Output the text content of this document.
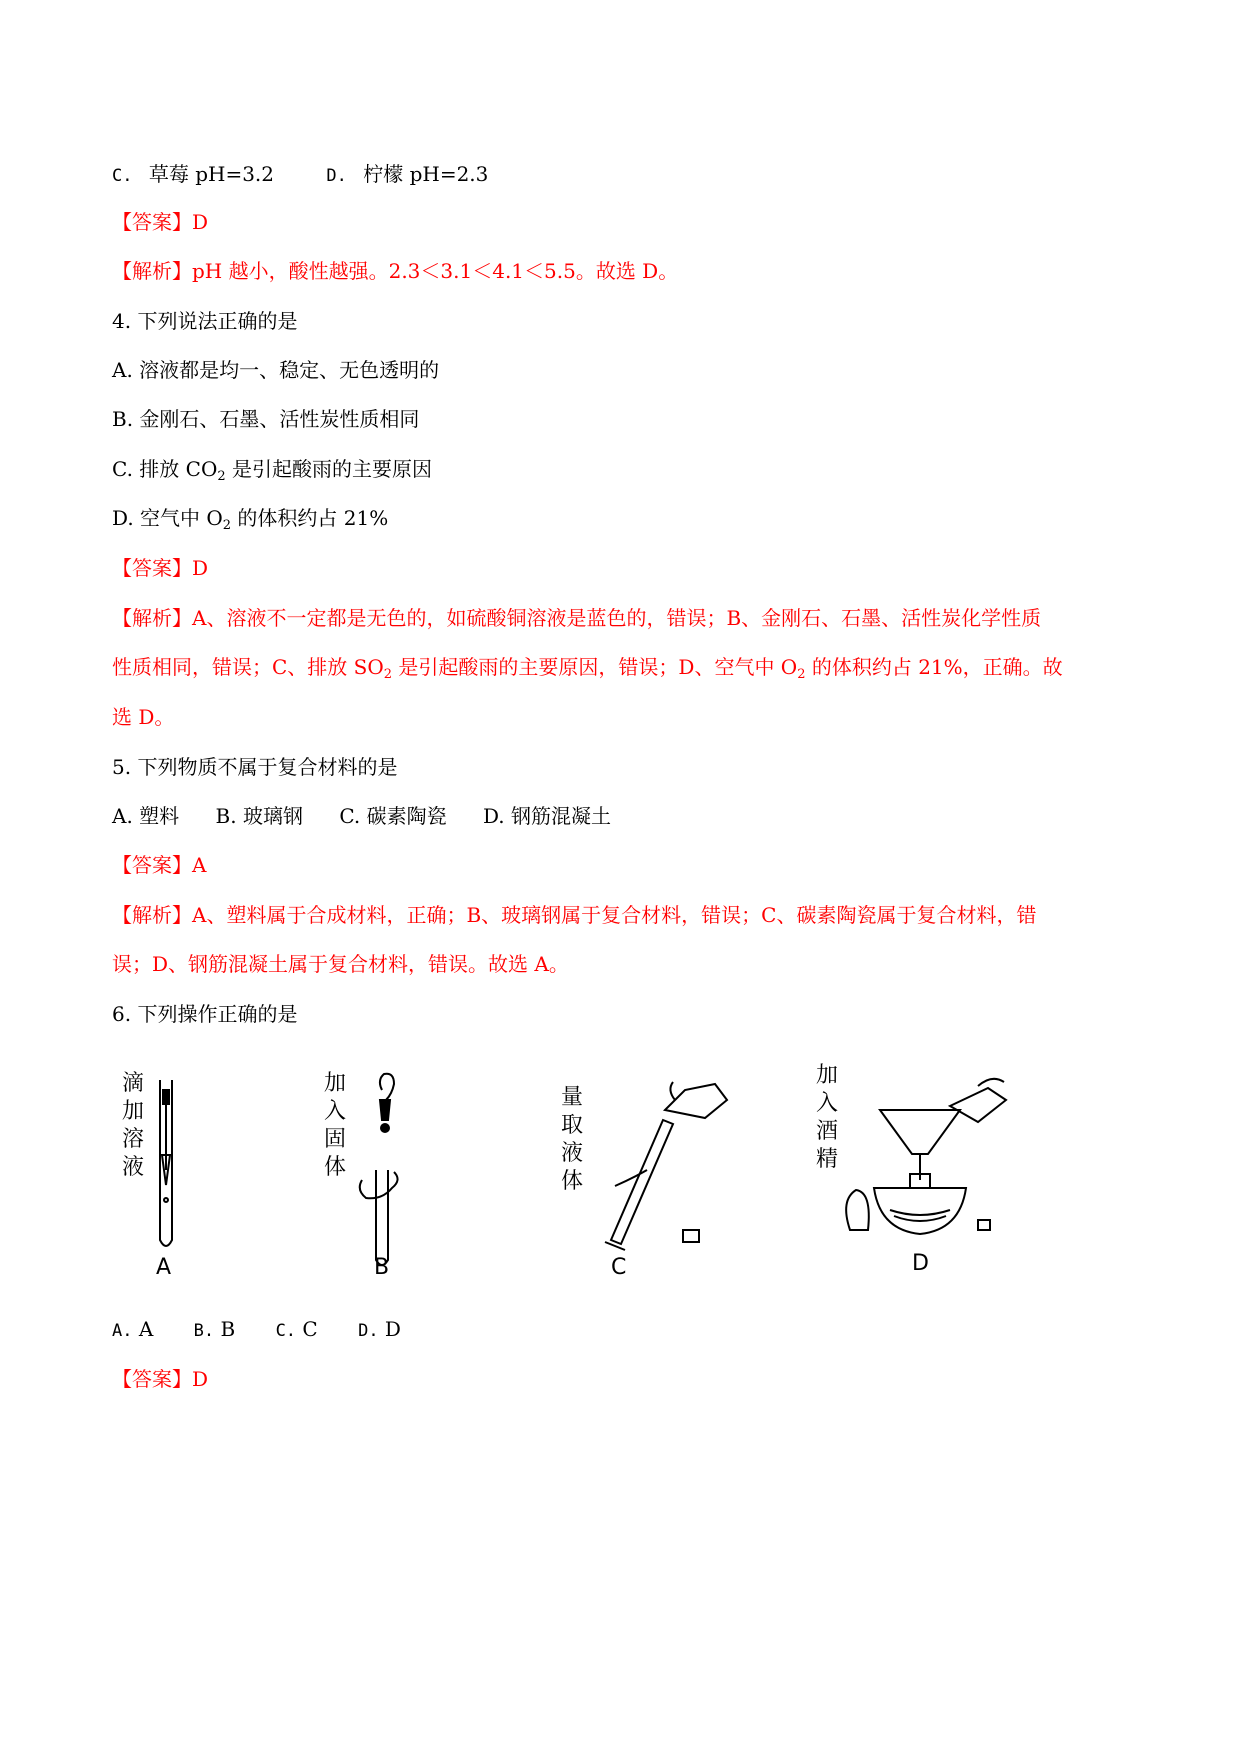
C. 草莓 pH=3.2	D. 柠檬 pH=2.3
【答案】D
【解析】pH 越小，酸性越强。2.3＜3.1＜4.1＜5.5。故选 D。
4. 下列说法正确的是
A. 溶液都是均一、稳定、无色透明的
B. 金刚石、石墨、活性炭性质相同
C. 排放 $CO_2$ 是引起酸雨的主要原因
D. 空气中 $O_2$ 的体积约占 21%
【答案】D
【解析】A、溶液不一定都是无色的，如硫酸铜溶液是蓝色的，错误；B、金刚石、石墨、活性炭化学性质
性质相同，错误；C、排放 $SO_2$ 是引起酸雨的主要原因，错误；D、空气中 $O_2$ 的体积约占 21%，正确。故
选 D。
5. 下列物质不属于复合材料的是
A. 塑料 B. 玻璃钢 C. 碳素陶瓷 D. 钢筋混凝土
【答案】A
【解析】A、塑料属于合成材料，正确；B、玻璃钢属于复合材料，错误；C、碳素陶瓷属于复合材料，错
误；D、钢筋混凝土属于复合材料，错误。故选 A。
6. 下列操作正确的是
滴
加
溶
液
A
加
入
固
体
B
量
取
液
体
C
加
入
酒
精
D
A. A B. B C. C D. D
【答案】D
